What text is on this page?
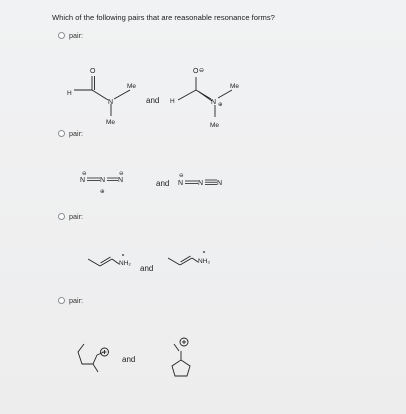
Which of the following pairs that are reasonable resonance forms?
pair:
pair:
pair:
pair:
O
H
N
Me
Me
and
O ⊖
H	N ⊕
Me
Me
⊖
N N
⊕
N
⊖
and
⊖
N N N
NH₂
and
NH₃
and
